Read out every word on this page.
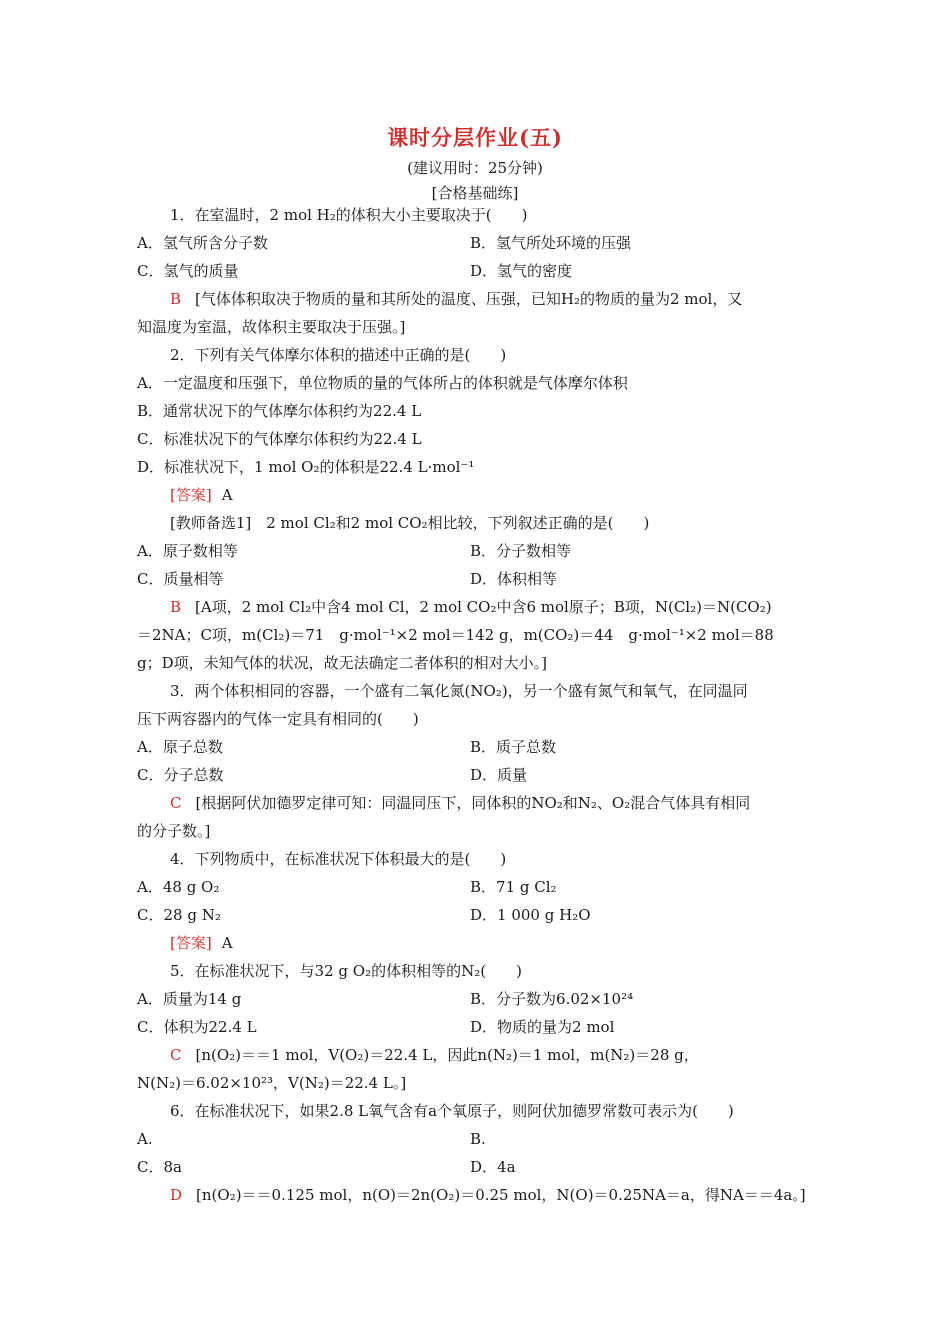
课时分层作业(五)
(建议用时：25分钟)
[合格基础练]
1．在室温时，2 mol H₂的体积大小主要取决于(　　)
A．氢气所含分子数	B．氢气所处环境的压强
C．氢气的质量	D．氢气的密度
B [气体体积取决于物质的量和其所处的温度、压强，已知H₂的物质的量为2 mol，又
知温度为室温，故体积主要取决于压强。]
2．下列有关气体摩尔体积的描述中正确的是(　　)
A．一定温度和压强下，单位物质的量的气体所占的体积就是气体摩尔体积
B．通常状况下的气体摩尔体积约为22.4 L
C．标准状况下的气体摩尔体积约为22.4 L
D．标准状况下，1 mol O₂的体积是22.4 L·mol⁻¹
[答案] A
[教师备选1]　2 mol Cl₂和2 mol CO₂相比较，下列叙述正确的是(　　)
A．原子数相等	B．分子数相等
C．质量相等	D．体积相等
B [A项，2 mol Cl₂中含4 mol Cl，2 mol CO₂中含6 mol原子；B项，N(Cl₂)＝N(CO₂)
＝2NA；C项，m(Cl₂)＝71　g·mol⁻¹×2 mol＝142 g，m(CO₂)＝44　g·mol⁻¹×2 mol＝88
g；D项，未知气体的状况，故无法确定二者体积的相对大小。]
3．两个体积相同的容器，一个盛有二氧化氮(NO₂)，另一个盛有氮气和氧气，在同温同
压下两容器内的气体一定具有相同的(　　)
A．原子总数	B．质子总数
C．分子总数	D．质量
C [根据阿伏加德罗定律可知：同温同压下，同体积的NO₂和N₂、O₂混合气体具有相同
的分子数。]
4．下列物质中，在标准状况下体积最大的是(　　)
A．48 g O₂	B．71 g Cl₂
C．28 g N₂	D．1 000 g H₂O
[答案] A
5．在标准状况下，与32 g O₂的体积相等的N₂(　　)
A．质量为14 g	B．分子数为6.02×10²⁴
C．体积为22.4 L	D．物质的量为2 mol
C [n(O₂)＝＝1 mol，V(O₂)＝22.4 L，因此n(N₂)＝1 mol，m(N₂)＝28 g，
N(N₂)＝6.02×10²³，V(N₂)＝22.4 L。]
6．在标准状况下，如果2.8 L氧气含有a个氧原子，则阿伏加德罗常数可表示为(　　)
A.	B.
C．8a	D．4a
D [n(O₂)＝＝0.125 mol，n(O)＝2n(O₂)＝0.25 mol，N(O)＝0.25NA＝a，得NA＝＝4a。]
